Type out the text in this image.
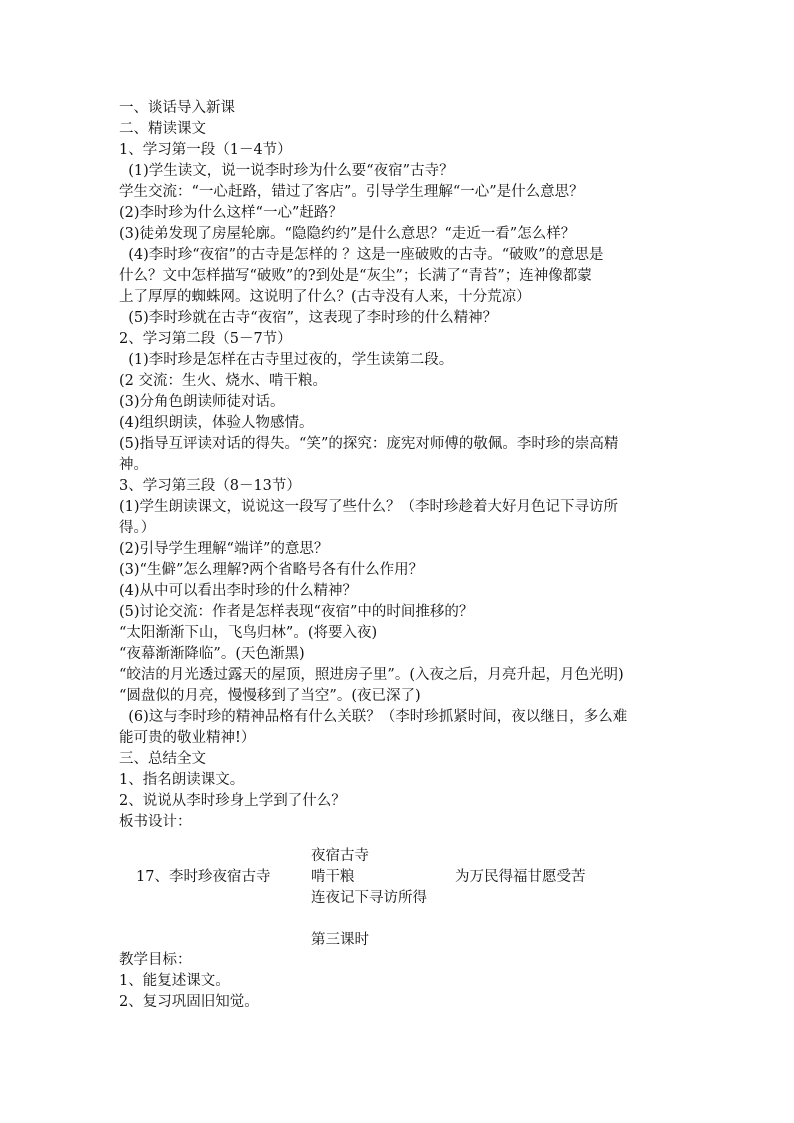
一、谈话导入新课

二、精读课文

1、学习第一段（1－4节）

(1)学生读文，说一说李时珍为什么要“夜宿”古寺？

学生交流：“一心赶路，错过了客店”。引导学生理解“一心”是什么意思？

(2)李时珍为什么这样“一心”赶路？

(3)徒弟发现了房屋轮廓。“隐隐约约”是什么意思？“走近一看”怎么样？

(4)李时珍“夜宿”的古寺是怎样的 ？这是一座破败的古寺。“破败”的意思是

什么？文中怎样描写“破败”的?到处是“灰尘”；长满了“青苔”；连神像都蒙

上了厚厚的蜘蛛网。这说明了什么？(古寺没有人来，十分荒凉）

(5)李时珍就在古寺“夜宿”，这表现了李时珍的什么精神？

2、学习第二段（5－7节）

(1)李时珍是怎样在古寺里过夜的，学生读第二段。

(2 交流：生火、烧水、啃干粮。

(3)分角色朗读师徒对话。

(4)组织朗读，体验人物感情。

(5)指导互评读对话的得失。“笑”的探究：庞宪对师傅的敬佩。李时珍的崇高精

神。

3、学习第三段（8－13节）

(1)学生朗读课文，说说这一段写了些什么？（李时珍趁着大好月色记下寻访所

得。）

(2)引导学生理解“端详”的意思？

(3)“生僻”怎么理解?两个省略号各有什么作用？

(4)从中可以看出李时珍的什么精神？

(5)讨论交流：作者是怎样表现“夜宿”中的时间推移的？

“太阳渐渐下山，飞鸟归林”。(将要入夜)

“夜幕渐渐降临”。(天色渐黑)

“皎洁的月光透过露天的屋顶，照进房子里”。(入夜之后，月亮升起，月色光明)

“圆盘似的月亮，慢慢移到了当空”。(夜已深了)

(6)这与李时珍的精神品格有什么关联？（李时珍抓紧时间，夜以继日，多么难

能可贵的敬业精神!）

三、总结全文

1、指名朗读课文。

2、说说从李时珍身上学到了什么？

板书设计：

17、李时珍夜宿古寺
夜宿古寺
啃干粮
连夜记下寻访所得
为万民得福甘愿受苦
第三课时

教学目标：

1、能复述课文。

2、复习巩固旧知觉。
